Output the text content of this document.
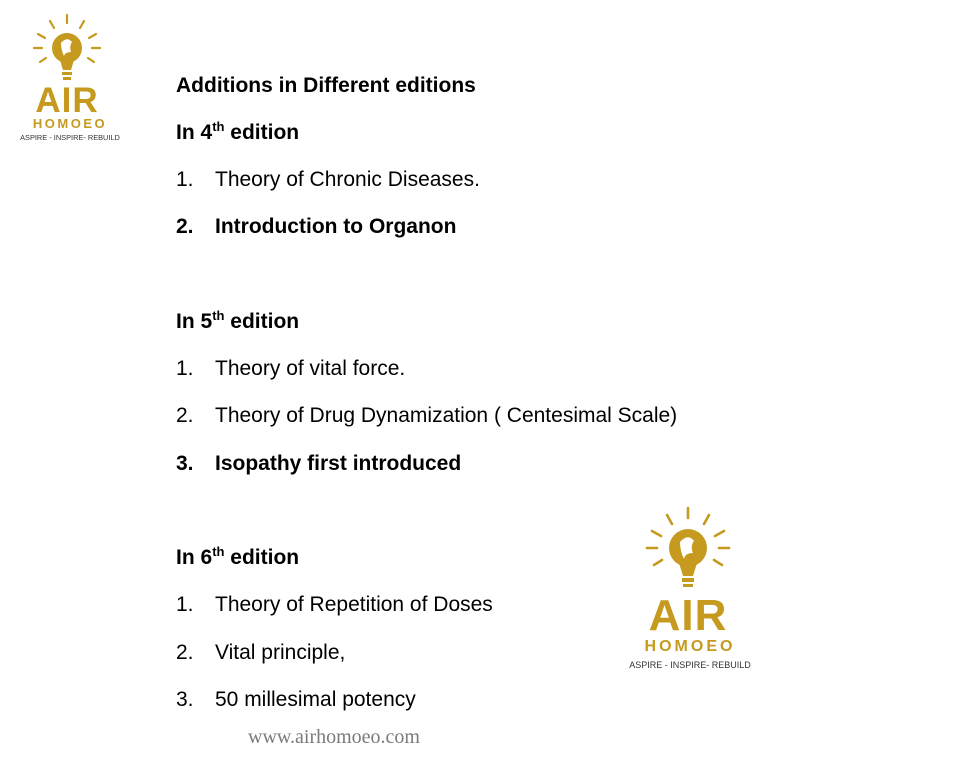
AIR
HOMOEO
ASPIRE - INSPIRE- REBUILD
Additions in Different editions
In 4th edition
1. Theory of Chronic Diseases.
2. Introduction to Organon
In 5th edition
1. Theory of vital force.
2. Theory of Drug Dynamization ( Centesimal Scale)
3. Isopathy first introduced
In 6th edition
1. Theory of Repetition of Doses
2. Vital principle,
3. 50 millesimal potency
AIR
HOMOEO
ASPIRE - INSPIRE- REBUILD
www.airhomoeo.com
